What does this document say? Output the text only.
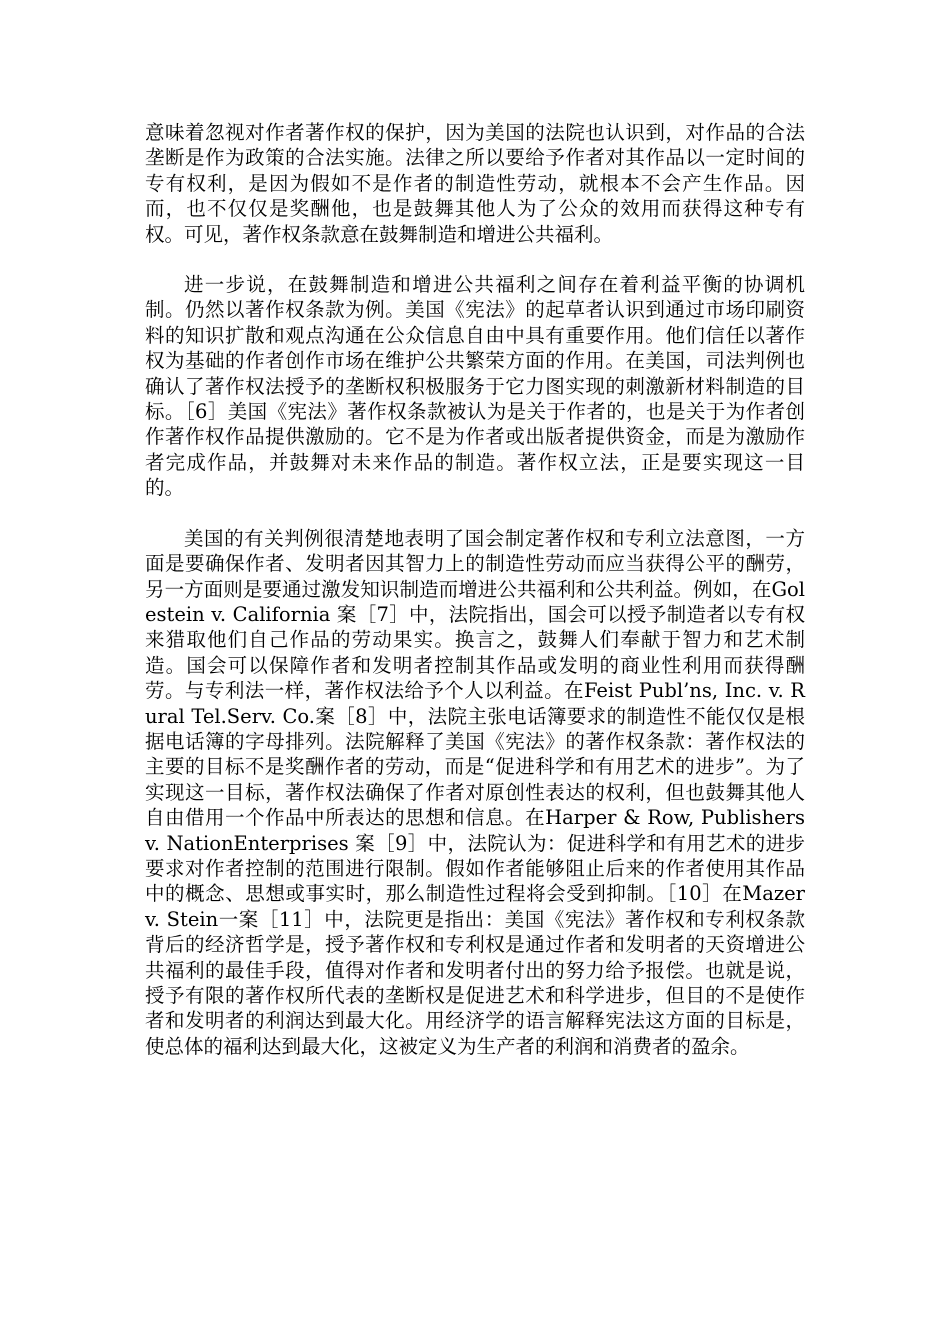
意味着忽视对作者著作权的保护，因为美国的法院也认识到，对作品的合法垄断是作为政策的合法实施。法律之所以要给予作者对其作品以一定时间的专有权利，是因为假如不是作者的制造性劳动，就根本不会产生作品。因而，也不仅仅是奖酬他，也是鼓舞其他人为了公众的效用而获得这种专有权。可见，著作权条款意在鼓舞制造和增进公共福利。

进一步说，在鼓舞制造和增进公共福利之间存在着利益平衡的协调机制。仍然以著作权条款为例。美国《宪法》的起草者认识到通过市场印刷资料的知识扩散和观点沟通在公众信息自由中具有重要作用。他们信任以著作权为基础的作者创作市场在维护公共繁荣方面的作用。在美国，司法判例也确认了著作权法授予的垄断权积极服务于它力图实现的刺激新材料制造的目标。［6］美国《宪法》著作权条款被认为是关于作者的，也是关于为作者创作著作权作品提供激励的。它不是为作者或出版者提供资金，而是为激励作者完成作品，并鼓舞对未来作品的制造。著作权立法，正是要实现这一目的。

美国的有关判例很清楚地表明了国会制定著作权和专利立法意图，一方面是要确保作者、发明者因其智力上的制造性劳动而应当获得公平的酬劳，另一方面则是要通过激发知识制造而增进公共福利和公共利益。例如，在Golestein v. California 案［7］中，法院指出，国会可以授予制造者以专有权来猎取他们自己作品的劳动果实。换言之，鼓舞人们奉献于智力和艺术制造。国会可以保障作者和发明者控制其作品或发明的商业性利用而获得酬劳。与专利法一样，著作权法给予个人以利益。在Feist Publ’ns, Inc. v. Rural Tel.Serv. Co.案［8］中，法院主张电话簿要求的制造性不能仅仅是根据电话簿的字母排列。法院解释了美国《宪法》的著作权条款：著作权法的主要的目标不是奖酬作者的劳动，而是“促进科学和有用艺术的进步”。为了实现这一目标，著作权法确保了作者对原创性表达的权利，但也鼓舞其他人自由借用一个作品中所表达的思想和信息。在Harper & Row, Publishers v. NationEnterprises 案［9］中，法院认为：促进科学和有用艺术的进步要求对作者控制的范围进行限制。假如作者能够阻止后来的作者使用其作品中的概念、思想或事实时，那么制造性过程将会受到抑制。［10］在Mazer v. Stein一案［11］中，法院更是指出：美国《宪法》著作权和专利权条款背后的经济哲学是，授予著作权和专利权是通过作者和发明者的天资增进公共福利的最佳手段，值得对作者和发明者付出的努力给予报偿。也就是说，授予有限的著作权所代表的垄断权是促进艺术和科学进步，但目的不是使作者和发明者的利润达到最大化。用经济学的语言解释宪法这方面的目标是，使总体的福利达到最大化，这被定义为生产者的利润和消费者的盈余。
